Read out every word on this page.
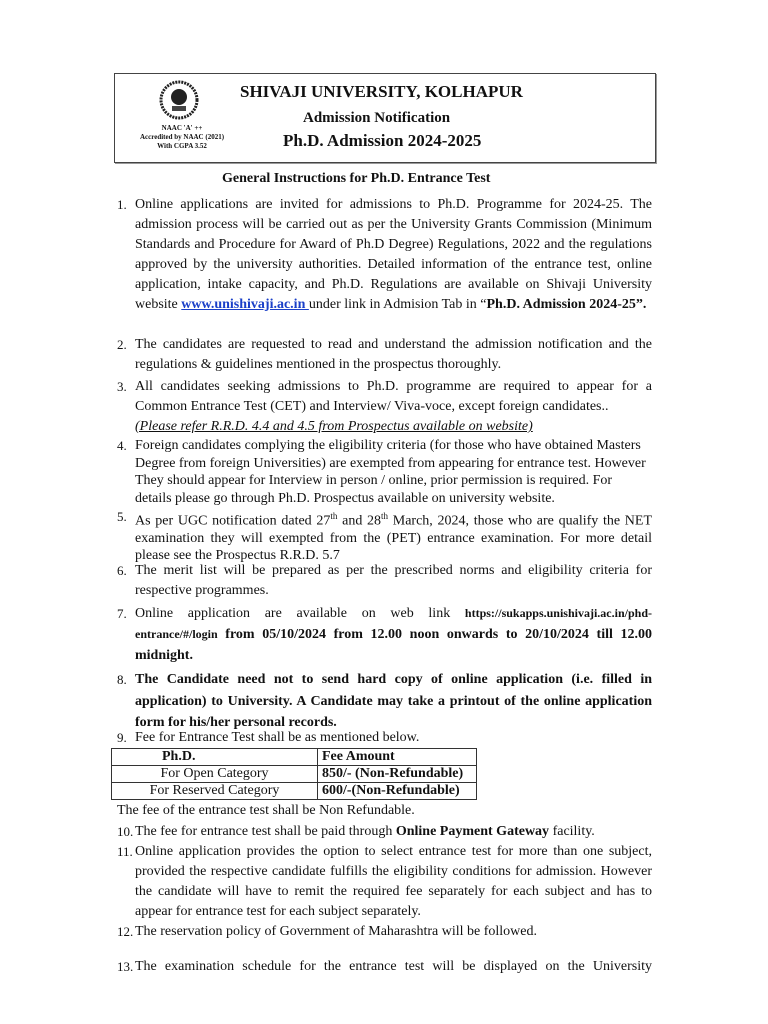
NAAC 'A' ++
Accredited by NAAC (2021)
With CGPA 3.52
SHIVAJI UNIVERSITY, KOLHAPUR
Admission Notification
Ph.D. Admission 2024-2025
General Instructions for Ph.D. Entrance Test
1. Online applications are invited for admissions to Ph.D. Programme for 2024-25. The admission process will be carried out as per the University Grants Commission (Minimum Standards and Procedure for Award of Ph.D Degree) Regulations, 2022 and the regulations approved by the university authorities. Detailed information of the entrance test, online application, intake capacity, and Ph.D. Regulations are available on Shivaji University website www.unishivaji.ac.in under link in Admision Tab in “Ph.D. Admission 2024-25”.
2. The candidates are requested to read and understand the admission notification and the regulations & guidelines mentioned in the prospectus thoroughly.
3. All candidates seeking admissions to Ph.D. programme are required to appear for a Common Entrance Test (CET) and Interview/ Viva-voce, except foreign candidates..
(Please refer R.R.D. 4.4 and 4.5 from Prospectus available on website)
4. Foreign candidates complying the eligibility criteria (for those who have obtained Masters Degree from foreign Universities) are exempted from appearing for entrance test. However They should appear for Interview in person / online, prior permission is required. For details please go through Ph.D. Prospectus available on university website.
5. As per UGC notification dated 27th and 28th March, 2024, those who are qualify the NET examination they will exempted from the (PET) entrance examination. For more detail please see the Prospectus R.R.D. 5.7
6. The merit list will be prepared as per the prescribed norms and eligibility criteria for respective programmes.
7. Online application are available on web link https://sukapps.unishivaji.ac.in/phd-entrance/#/login from 05/10/2024 from 12.00 noon onwards to 20/10/2024 till 12.00 midnight.
8. The Candidate need not to send hard copy of online application (i.e. filled in application) to University. A Candidate may take a printout of the online application form for his/her personal records.
9. Fee for Entrance Test shall be as mentioned below.
Ph.D.	Fee Amount
For Open Category	850/- (Non-Refundable)
For Reserved Category	600/-(Non-Refundable)
The fee of the entrance test shall be Non Refundable.
10. The fee for entrance test shall be paid through Online Payment Gateway facility.
11. Online application provides the option to select entrance test for more than one subject, provided the respective candidate fulfills the eligibility conditions for admission. However the candidate will have to remit the required fee separately for each subject and has to appear for entrance test for each subject separately.
12. The reservation policy of Government of Maharashtra will be followed.
13. The examination schedule for the entrance test will be displayed on the University
